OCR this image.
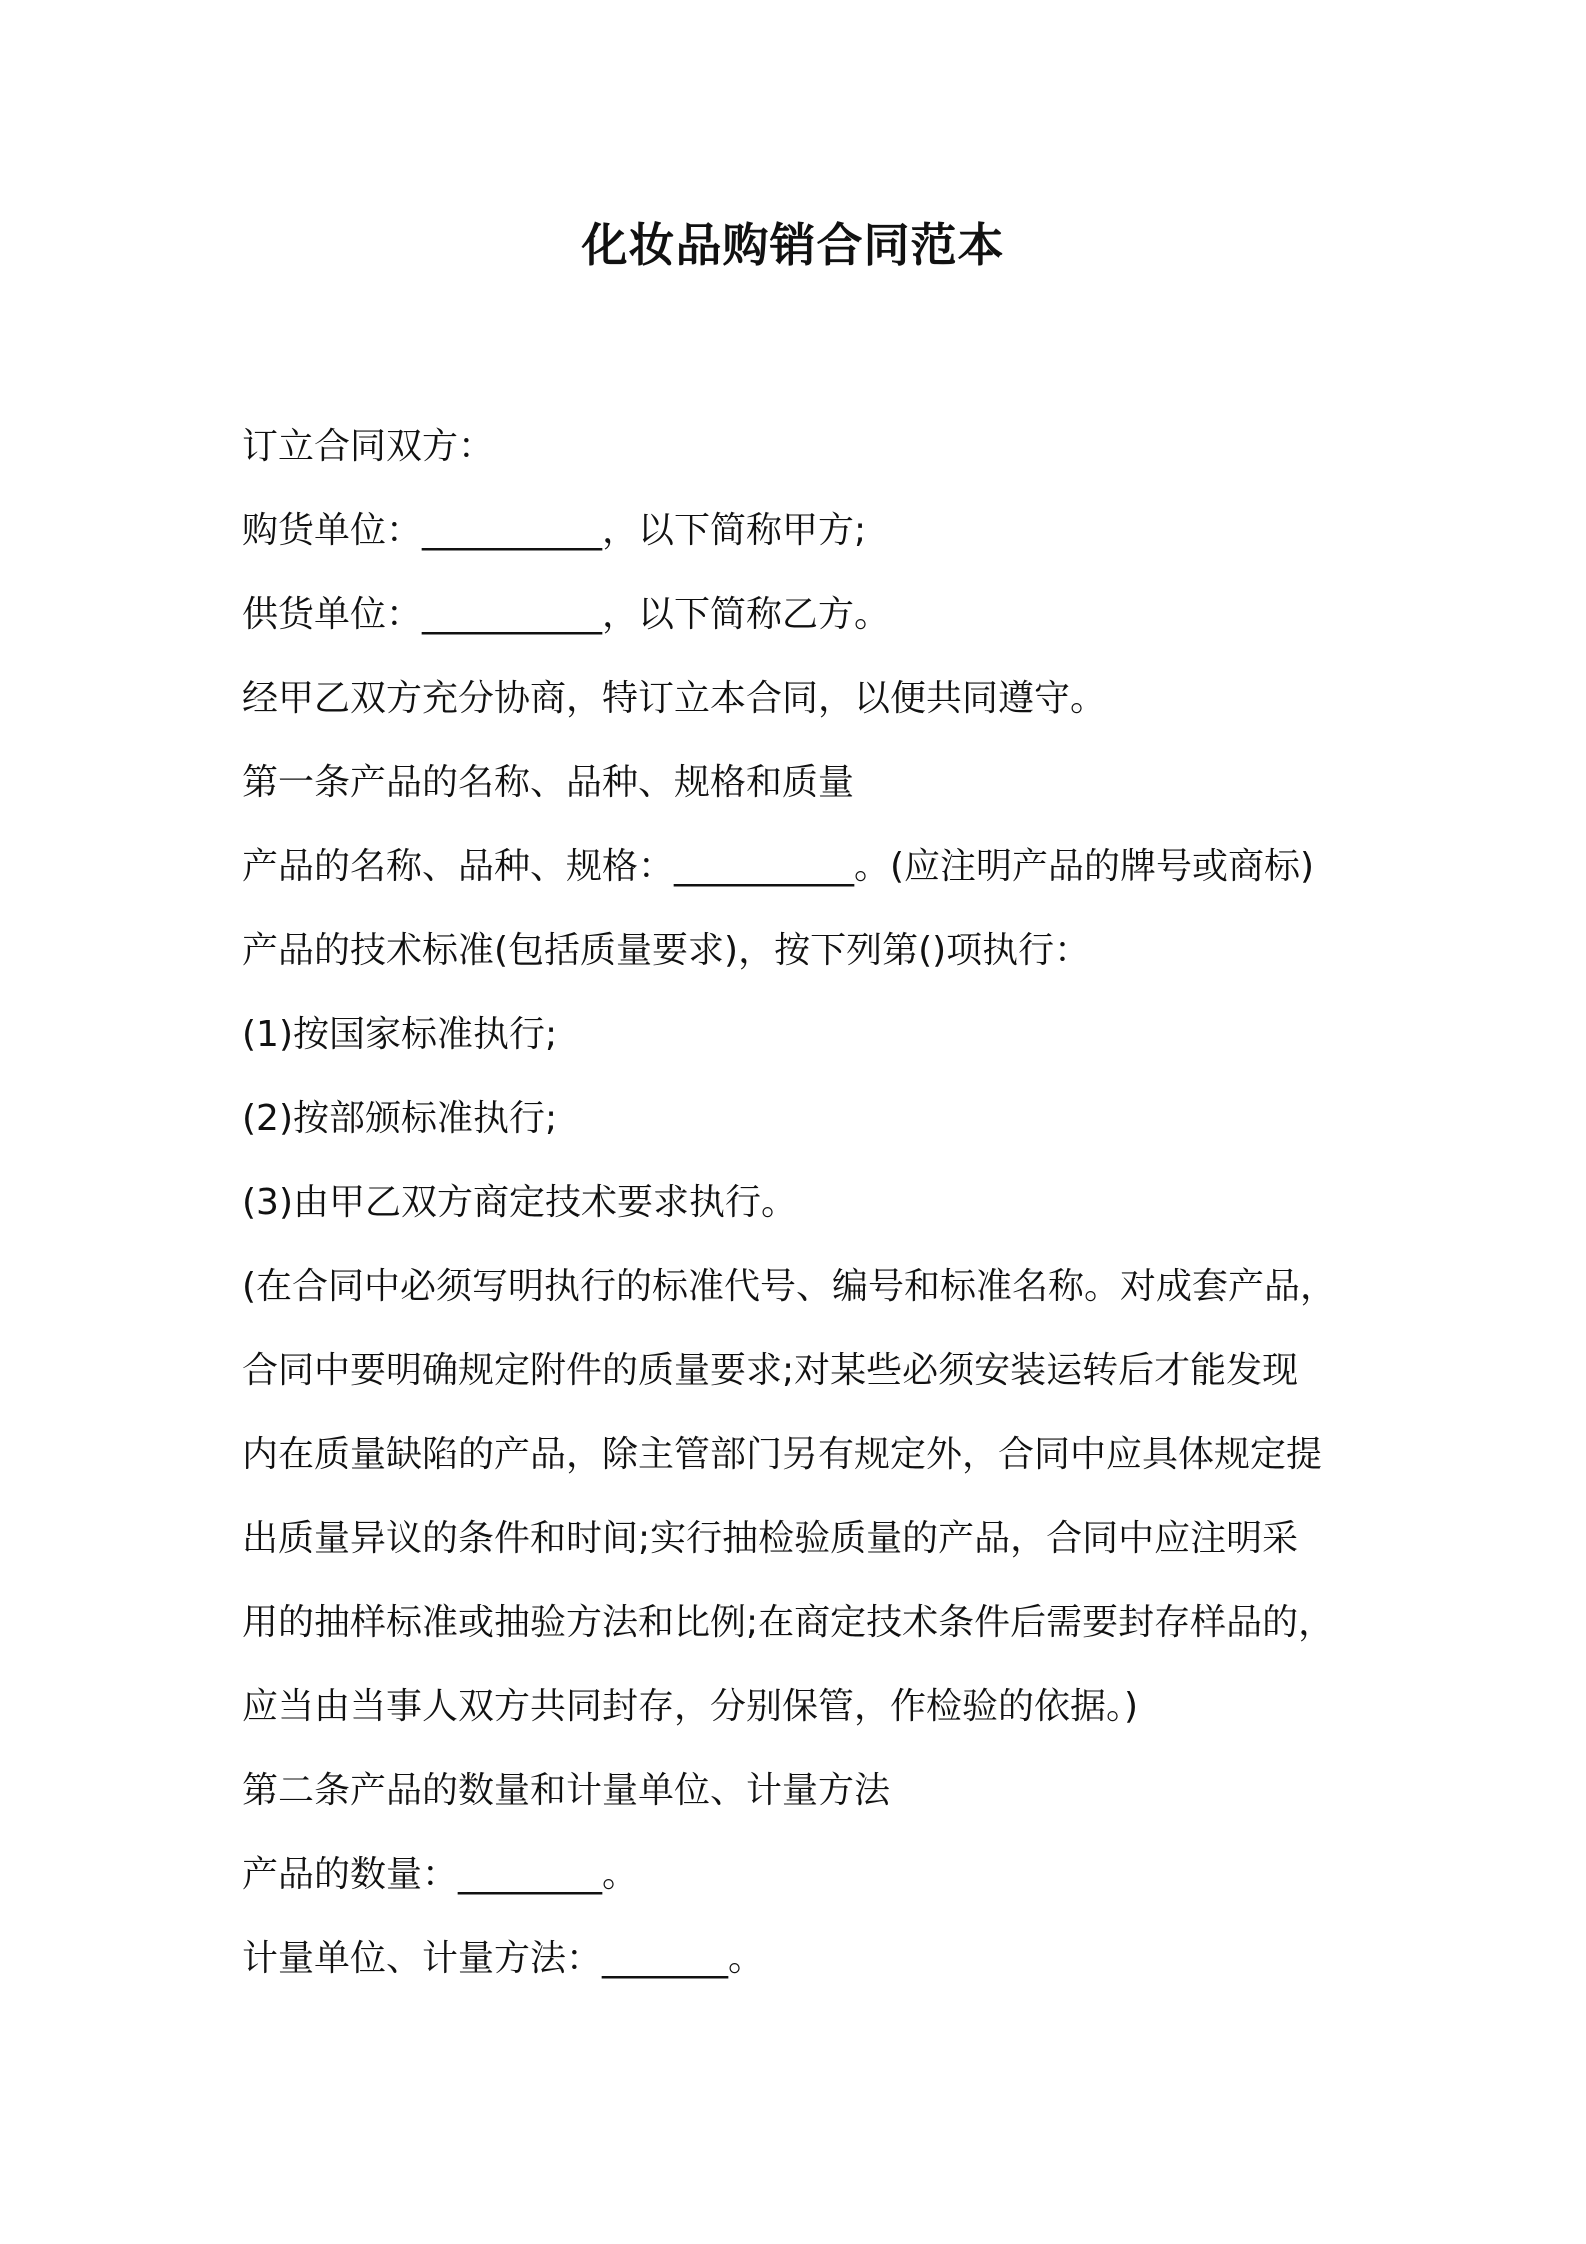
化妆品购销合同范本

订立合同双方：

购货单位：__________，以下简称甲方;

供货单位：__________，以下简称乙方。

经甲乙双方充分协商，特订立本合同，以便共同遵守。

第一条产品的名称、品种、规格和质量

产品的名称、品种、规格：__________。(应注明产品的牌号或商标)

产品的技术标准(包括质量要求)，按下列第()项执行：

(1)按国家标准执行;

(2)按部颁标准执行;

(3)由甲乙双方商定技术要求执行。

(在合同中必须写明执行的标准代号、编号和标准名称。对成套产品，

合同中要明确规定附件的质量要求;对某些必须安装运转后才能发现

内在质量缺陷的产品，除主管部门另有规定外，合同中应具体规定提

出质量异议的条件和时间;实行抽检验质量的产品，合同中应注明采

用的抽样标准或抽验方法和比例;在商定技术条件后需要封存样品的，

应当由当事人双方共同封存，分别保管，作检验的依据。)

第二条产品的数量和计量单位、计量方法

产品的数量：________。

计量单位、计量方法：_______。
